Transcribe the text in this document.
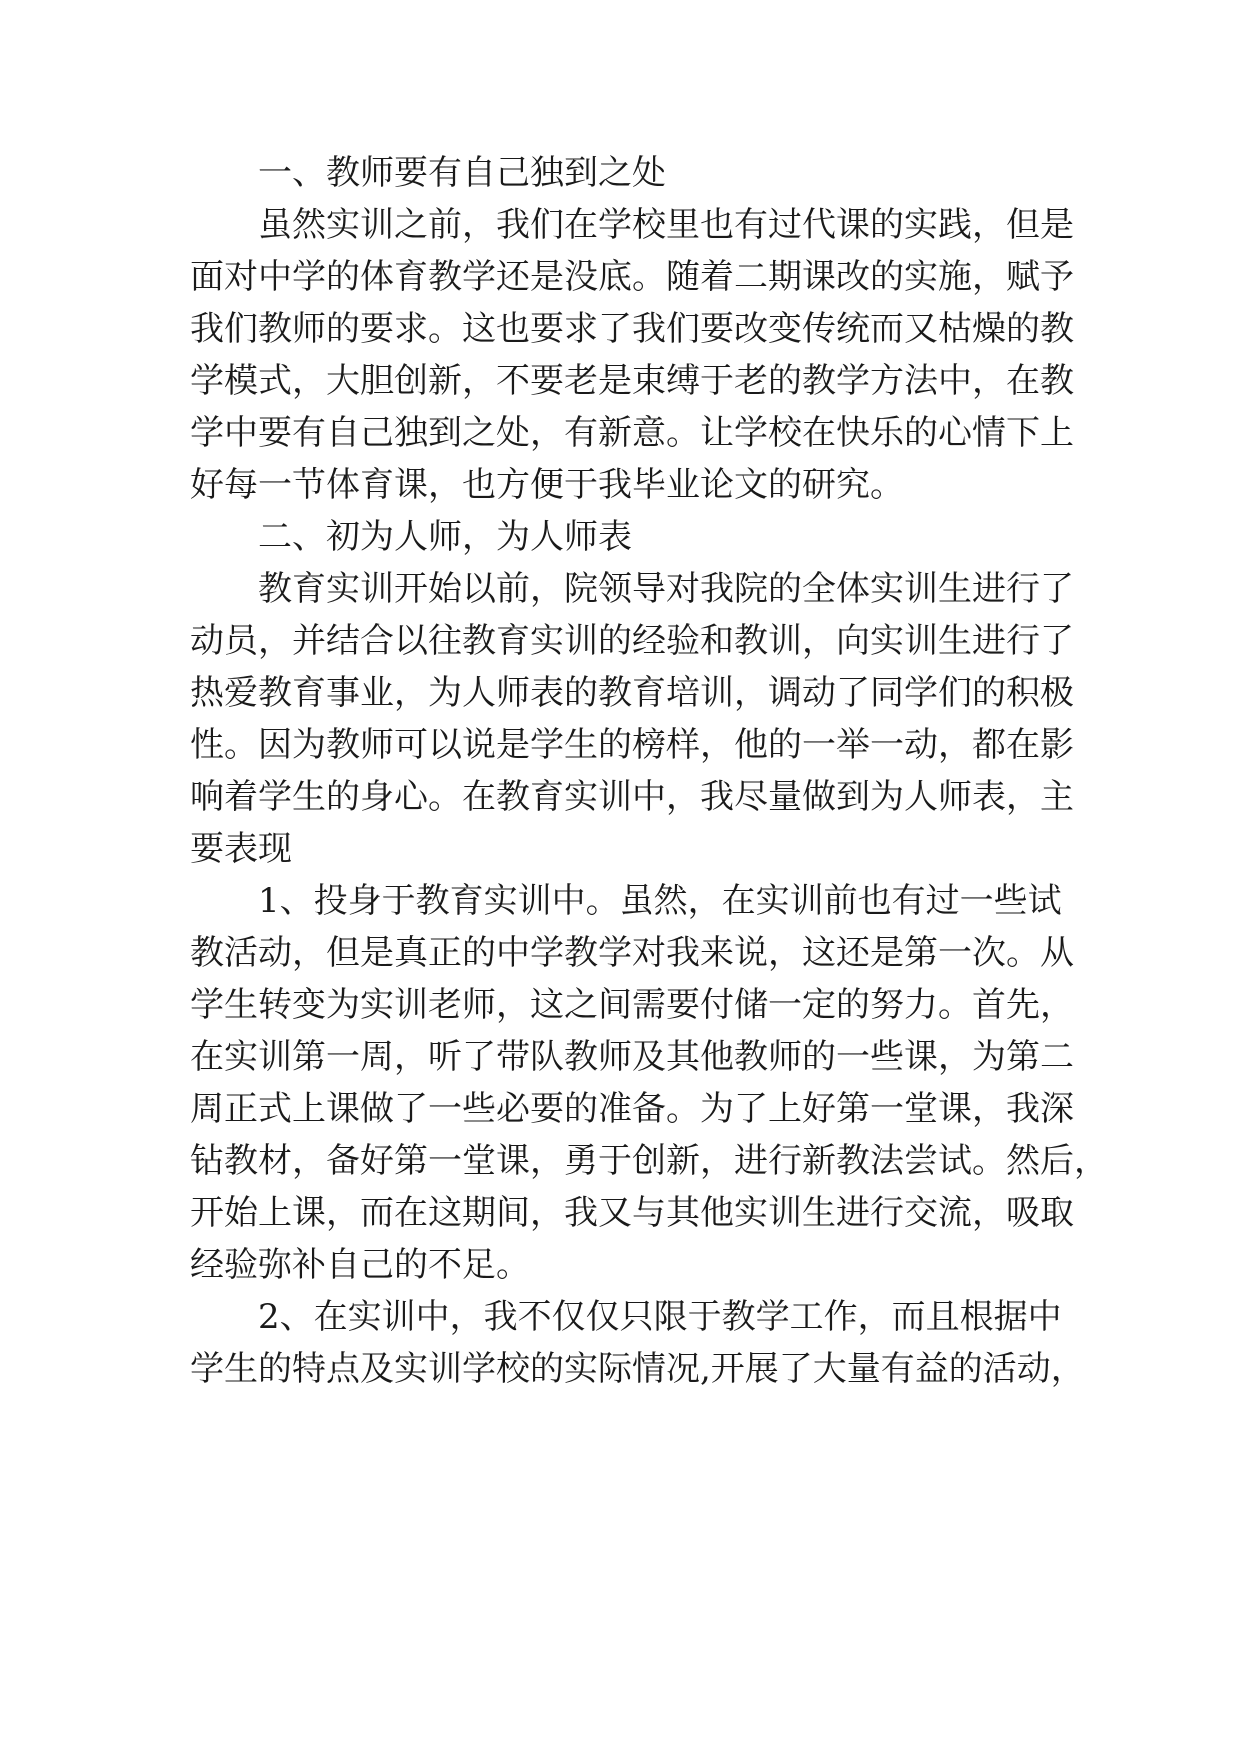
　　一、教师要有自己独到之处
　　虽然实训之前，我们在学校里也有过代课的实践，但是
面对中学的体育教学还是没底。随着二期课改的实施，赋予
我们教师的要求。这也要求了我们要改变传统而又枯燥的教
学模式，大胆创新，不要老是束缚于老的教学方法中，在教
学中要有自己独到之处，有新意。让学校在快乐的心情下上
好每一节体育课，也方便于我毕业论文的研究。
　　二、初为人师，为人师表
　　教育实训开始以前，院领导对我院的全体实训生进行了
动员，并结合以往教育实训的经验和教训，向实训生进行了
热爱教育事业，为人师表的教育培训，调动了同学们的积极
性。因为教师可以说是学生的榜样，他的一举一动，都在影
响着学生的身心。在教育实训中，我尽量做到为人师表，主
要表现
　　1、投身于教育实训中。虽然，在实训前也有过一些试
教活动，但是真正的中学教学对我来说，这还是第一次。从
学生转变为实训老师，这之间需要付储一定的努力。首先，
在实训第一周，听了带队教师及其他教师的一些课，为第二
周正式上课做了一些必要的准备。为了上好第一堂课，我深
钻教材，备好第一堂课，勇于创新，进行新教法尝试。然后，
开始上课，而在这期间，我又与其他实训生进行交流，吸取
经验弥补自己的不足。
　　2、在实训中，我不仅仅只限于教学工作，而且根据中
学生的特点及实训学校的实际情况,开展了大量有益的活动，
